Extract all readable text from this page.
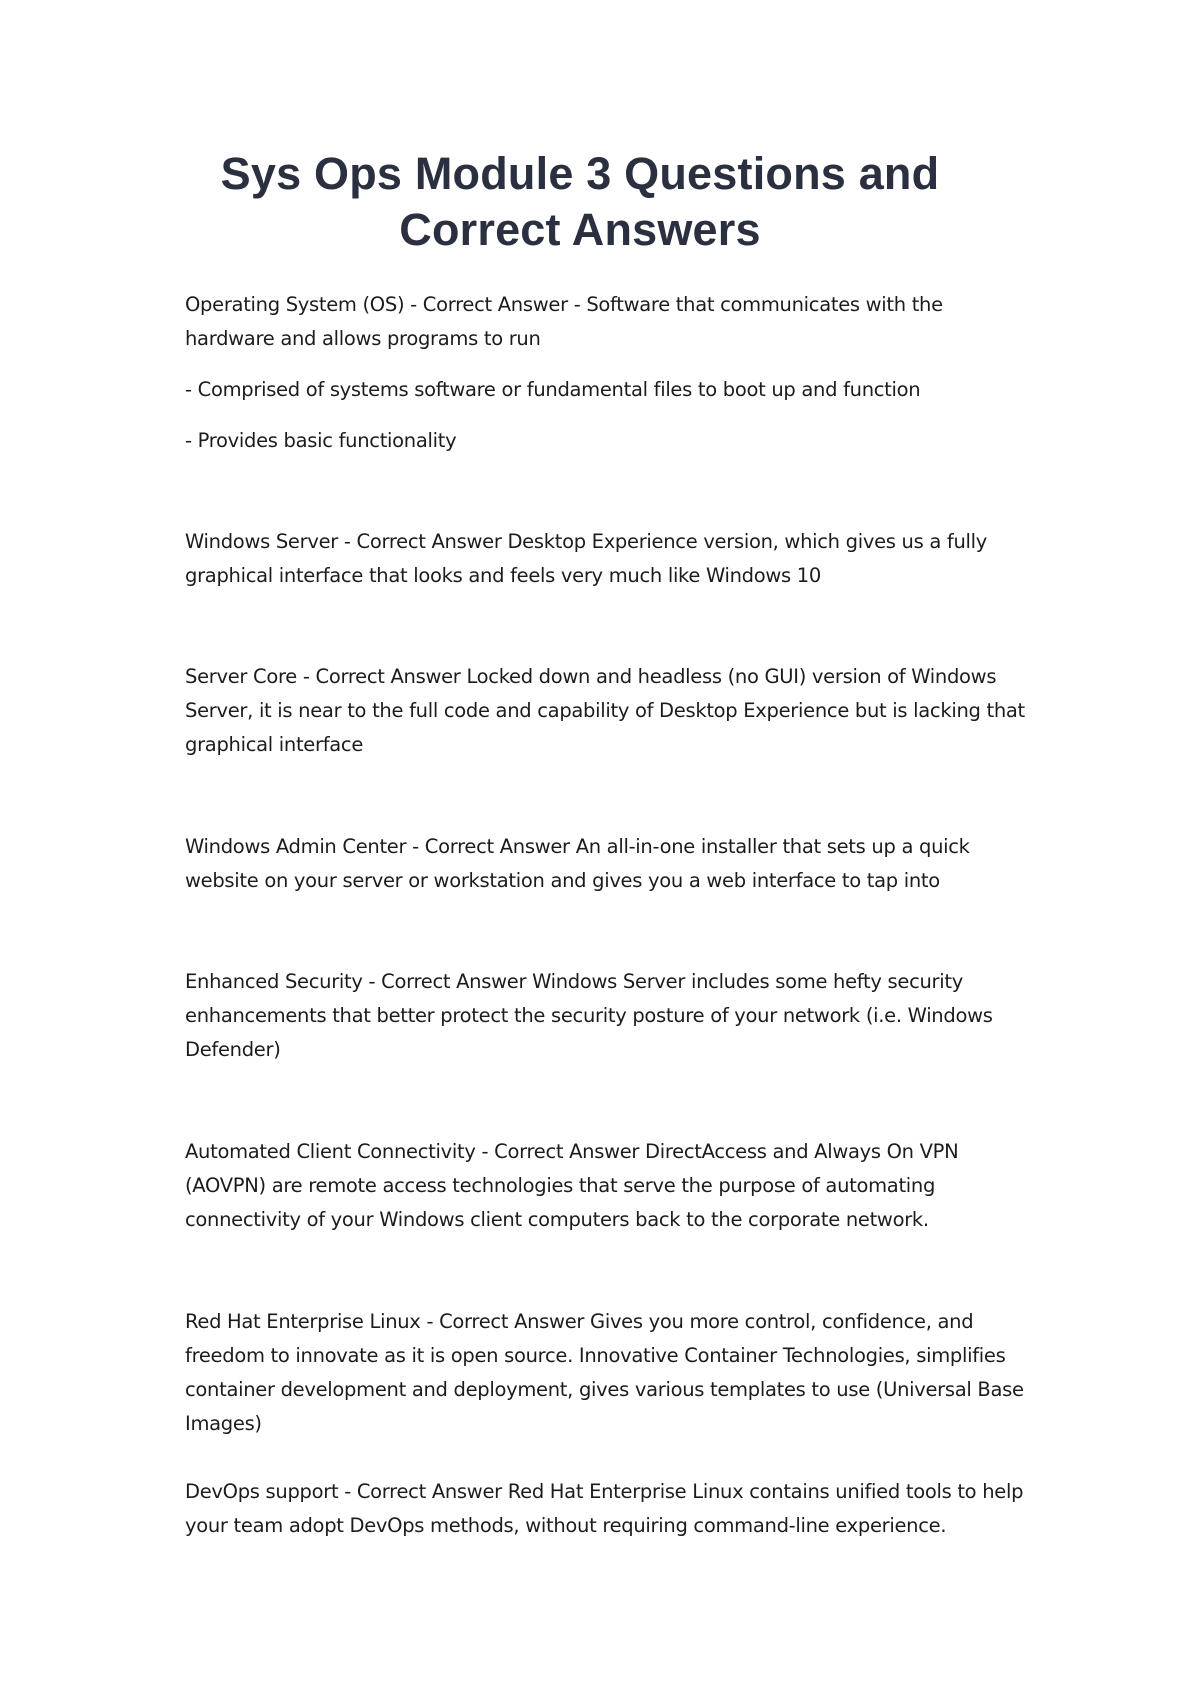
Sys Ops Module 3 Questions and Correct Answers

Operating System (OS) - Correct Answer - Software that communicates with the hardware and allows programs to run

- Comprised of systems software or fundamental files to boot up and function

- Provides basic functionality

Windows Server - Correct Answer Desktop Experience version, which gives us a fully graphical interface that looks and feels very much like Windows 10

Server Core - Correct Answer Locked down and headless (no GUI) version of Windows Server, it is near to the full code and capability of Desktop Experience but is lacking that graphical interface

Windows Admin Center - Correct Answer An all-in-one installer that sets up a quick website on your server or workstation and gives you a web interface to tap into

Enhanced Security - Correct Answer Windows Server includes some hefty security enhancements that better protect the security posture of your network (i.e. Windows Defender)

Automated Client Connectivity - Correct Answer DirectAccess and Always On VPN (AOVPN) are remote access technologies that serve the purpose of automating connectivity of your Windows client computers back to the corporate network.

Red Hat Enterprise Linux - Correct Answer Gives you more control, confidence, and freedom to innovate as it is open source. Innovative Container Technologies, simplifies container development and deployment, gives various templates to use (Universal Base Images)

DevOps support - Correct Answer Red Hat Enterprise Linux contains unified tools to help your team adopt DevOps methods, without requiring command-line experience.
